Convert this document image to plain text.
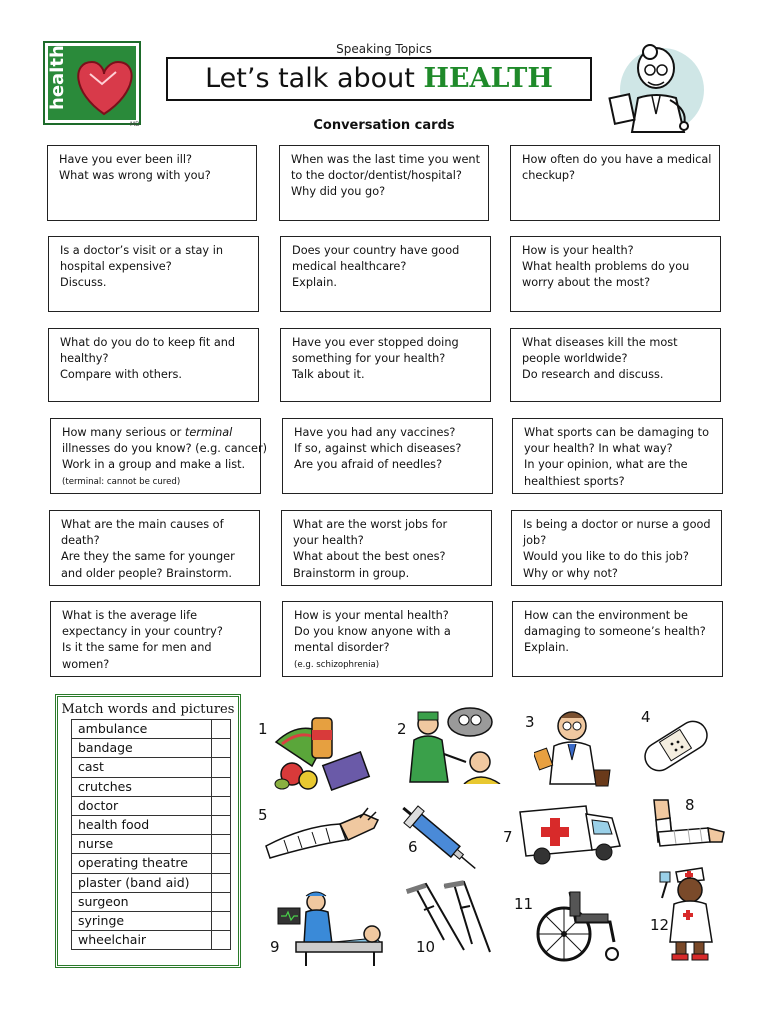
health
MD
Speaking Topics
Let’s talk about HEALTH
Conversation cards
Have you ever been ill?
What was wrong with you?
When was the last time you went
to the doctor/dentist/hospital?
Why did you go?
How often do you have a medical
checkup?
Is a doctor’s visit or a stay in
hospital expensive?
Discuss.
Does your country have good
medical healthcare?
Explain.
How is your health?
What health problems do you
worry about the most?
What do you do to keep fit and
healthy?
Compare with others.
Have you ever stopped doing
something for your health?
Talk about it.
What diseases kill the most
people worldwide?
Do research and discuss.
How many serious or terminal
illnesses do you know? (e.g. cancer)
Work in a group and make a list.
(terminal: cannot be cured)
Have you had any vaccines?
If so, against which diseases?
Are you afraid of needles?
What sports can be damaging to
your health? In what way?
In your opinion, what are the
healthiest sports?
What are the main causes of
death?
Are they the same for younger
and older people? Brainstorm.
What are the worst jobs for
your health?
What about the best ones?
Brainstorm in group.
Is being a doctor or nurse a good
job?
Would you like to do this job?
Why or why not?
What is the average life
expectancy in your country?
Is it the same for men and
women?
How is your mental health?
Do you know anyone with a
mental disorder?
(e.g. schizophrenia)
How can the environment be
damaging to someone’s health?
Explain.
Match words and pictures
ambulance	
bandage	
cast	
crutches	
doctor	
health food	
nurse	
operating theatre	
plaster (band aid)	
surgeon	
syringe	
wheelchair	
1	2	3	4
5
6
7
8
9	10
11
12
